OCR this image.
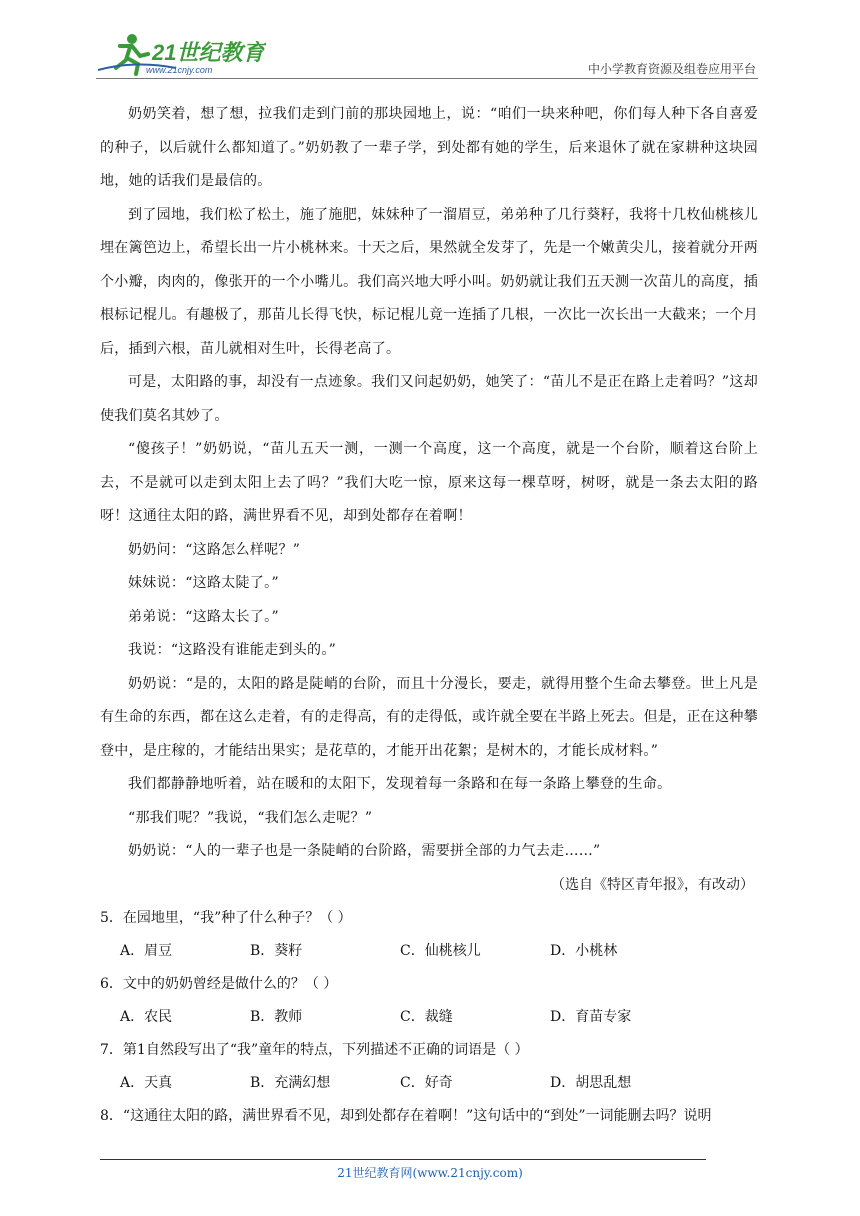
21世纪教育
www.21cnjy.com	中小学教育资源及组卷应用平台

奶奶笑着，想了想，拉我们走到门前的那块园地上，说：“咱们一块来种吧，你们每人种下各自喜爱的种子，以后就什么都知道了。”奶奶教了一辈子学，到处都有她的学生，后来退休了就在家耕种这块园地，她的话我们是最信的。

到了园地，我们松了松土，施了施肥，妹妹种了一溜眉豆，弟弟种了几行葵籽，我将十几枚仙桃核儿埋在篱笆边上，希望长出一片小桃林来。十天之后，果然就全发芽了，先是一个嫩黄尖儿，接着就分开两个小瓣，肉肉的，像张开的一个小嘴儿。我们高兴地大呼小叫。奶奶就让我们五天测一次苗儿的高度，插根标记棍儿。有趣极了，那苗儿长得飞快，标记棍儿竟一连插了几根，一次比一次长出一大截来；一个月后，插到六根，苗儿就相对生叶，长得老高了。

可是，太阳路的事，却没有一点迹象。我们又问起奶奶，她笑了：“苗儿不是正在路上走着吗？”这却使我们莫名其妙了。

“傻孩子！”奶奶说，“苗儿五天一测，一测一个高度，这一个高度，就是一个台阶，顺着这台阶上去，不是就可以走到太阳上去了吗？”我们大吃一惊，原来这每一棵草呀，树呀，就是一条去太阳的路呀！这通往太阳的路，满世界看不见，却到处都存在着啊！

奶奶问：“这路怎么样呢？”

妹妹说：“这路太陡了。”

弟弟说：“这路太长了。”

我说：“这路没有谁能走到头的。”

奶奶说：“是的，太阳的路是陡峭的台阶，而且十分漫长，要走，就得用整个生命去攀登。世上凡是有生命的东西，都在这么走着，有的走得高，有的走得低，或许就全要在半路上死去。但是，正在这种攀登中，是庄稼的，才能结出果实；是花草的，才能开出花絮；是树木的，才能长成材料。”

我们都静静地听着，站在暖和的太阳下，发现着每一条路和在每一条路上攀登的生命。

“那我们呢？”我说，“我们怎么走呢？”

奶奶说：“人的一辈子也是一条陡峭的台阶路，需要拼全部的力气去走……”

（选自《特区青年报》，有改动）

5．在园地里，“我”种了什么种子？（ ）

A．眉豆	B．葵籽	C．仙桃核儿	D．小桃林

6．文中的奶奶曾经是做什么的？（ ）

A．农民	B．教师	C．裁缝	D．育苗专家

7．第1自然段写出了“我”童年的特点，下列描述不正确的词语是（ ）

A．天真	B．充满幻想	C．好奇	D．胡思乱想

8．“这通往太阳的路，满世界看不见，却到处都存在着啊！”这句话中的“到处”一词能删去吗？说明

21世纪教育网(www.21cnjy.com)
